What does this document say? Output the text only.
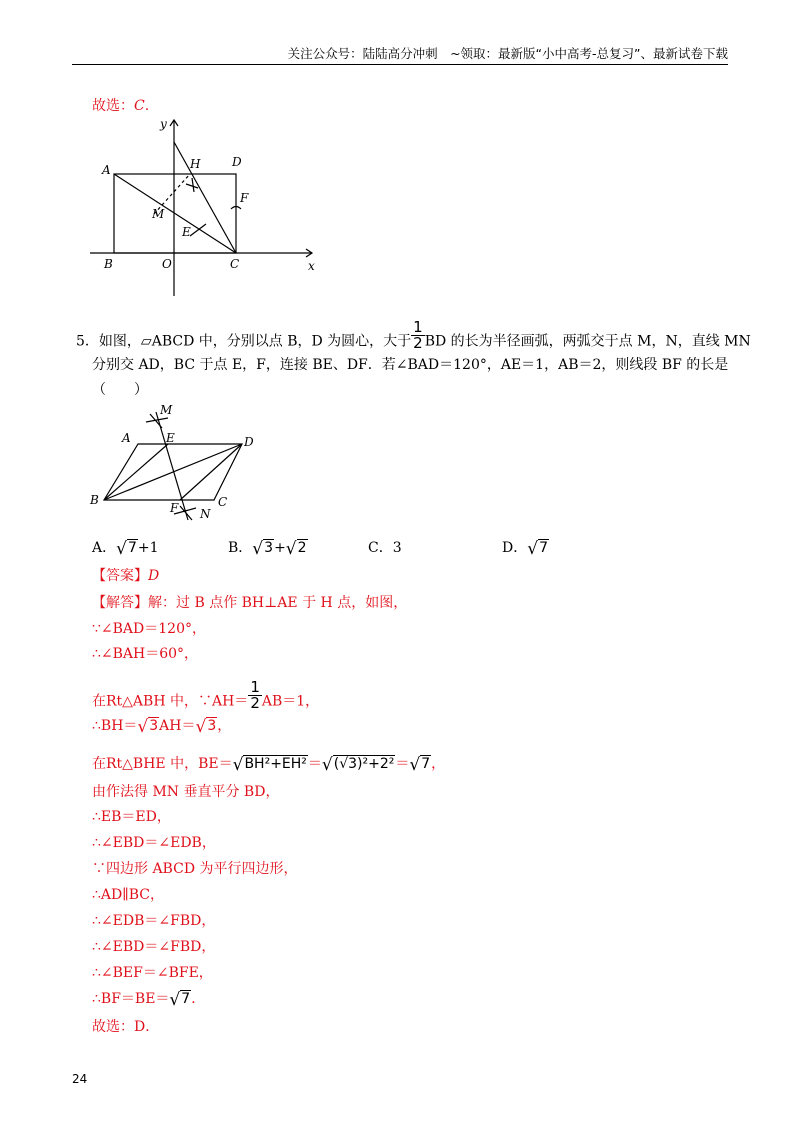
关注公众号：陆陆高分冲刺　~领取：最新版“小中高考-总复习”、最新试卷下载
故选：C.
y
x
A	H	D
F
M
E
B	O	C
5．如图，▱ABCD 中，分别以点 B，D 为圆心，大于 $\frac{1}{2}$ BD 的长为半径画弧，两弧交于点 M，N，直线 MN
分别交 AD，BC 于点 E，F，连接 BE、DF．若∠BAD＝120°，AE＝1，AB＝2，则线段 BF 的长是
（　　）
M
A	E	D
B
F N
C
A．√7+1	B．√3+√2	C．3	D．√7
【答案】D
【解答】解：过 B 点作 BH⊥AE 于 H 点，如图，
∵∠BAD＝120°，
∴∠BAH＝60°，
在Rt△ABH 中，∵AH＝ $\frac{1}{2} AB=1$，
∴BH＝√3AH＝√3，
在Rt△BHE 中，BE＝√BH²+EH²＝√(√3)²+2²＝√7，
由作法得 MN 垂直平分 BD，
∴EB＝ED，
∴∠EBD＝∠EDB，
∵四边形 ABCD 为平行四边形，
∴AD∥BC，
∴∠EDB＝∠FBD，
∴∠EBD＝∠FBD，
∴∠BEF＝∠BFE，
∴BF＝BE＝√7．
故选：D．
24
